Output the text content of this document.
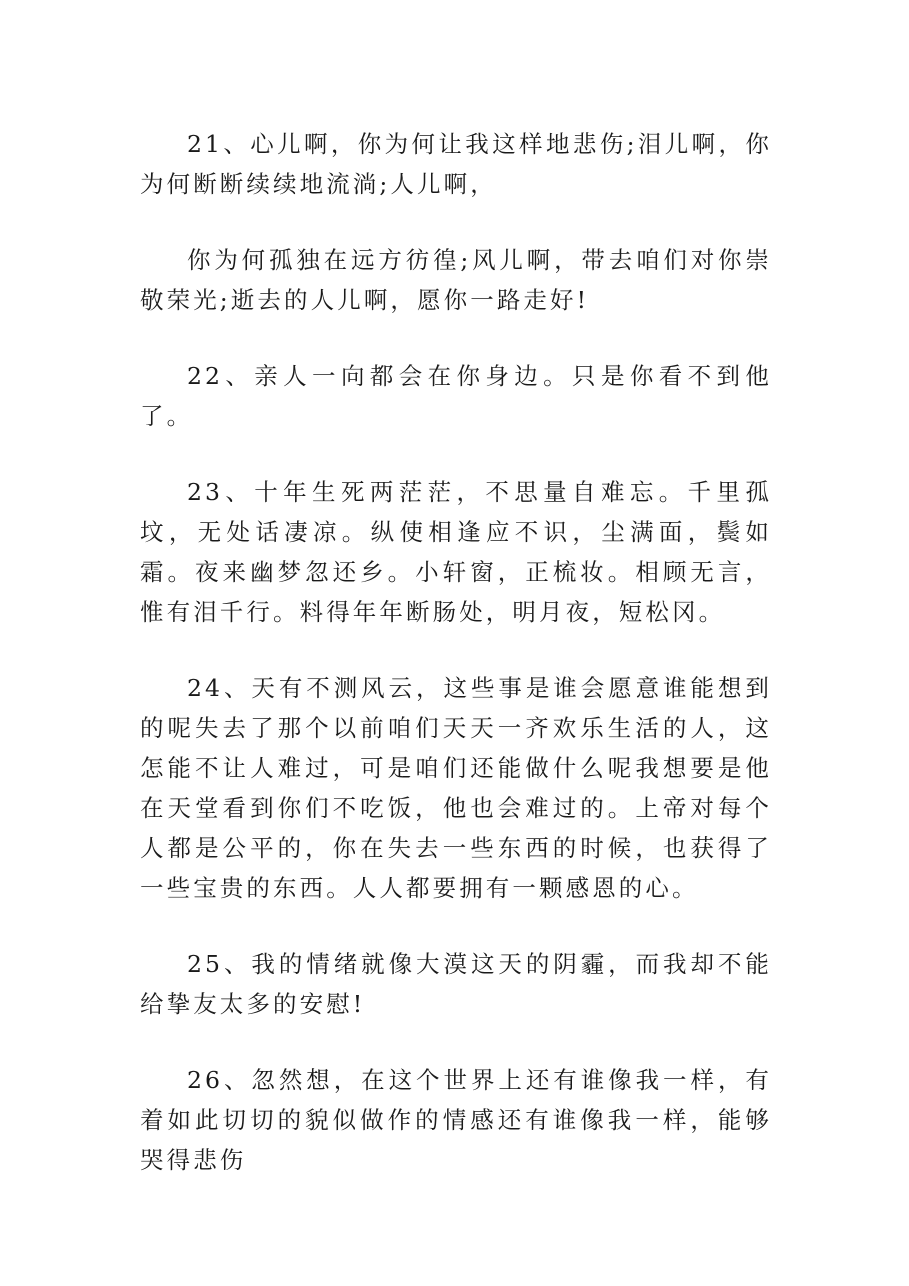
21、心儿啊，你为何让我这样地悲伤;泪儿啊，你为何断断续续地流淌;人儿啊，

你为何孤独在远方彷徨;风儿啊，带去咱们对你崇敬荣光;逝去的人儿啊，愿你一路走好!

22、亲人一向都会在你身边。只是你看不到他了。

23、十年生死两茫茫，不思量自难忘。千里孤坟，无处话凄凉。纵使相逢应不识，尘满面，鬓如霜。夜来幽梦忽还乡。小轩窗，正梳妆。相顾无言，惟有泪千行。料得年年断肠处，明月夜，短松冈。

24、天有不测风云，这些事是谁会愿意谁能想到的呢失去了那个以前咱们天天一齐欢乐生活的人，这怎能不让人难过，可是咱们还能做什么呢我想要是他在天堂看到你们不吃饭，他也会难过的。上帝对每个人都是公平的，你在失去一些东西的时候，也获得了一些宝贵的东西。人人都要拥有一颗感恩的心。

25、我的情绪就像大漠这天的阴霾，而我却不能给挚友太多的安慰!

26、忽然想，在这个世界上还有谁像我一样，有着如此切切的貌似做作的情感还有谁像我一样，能够哭得悲伤
